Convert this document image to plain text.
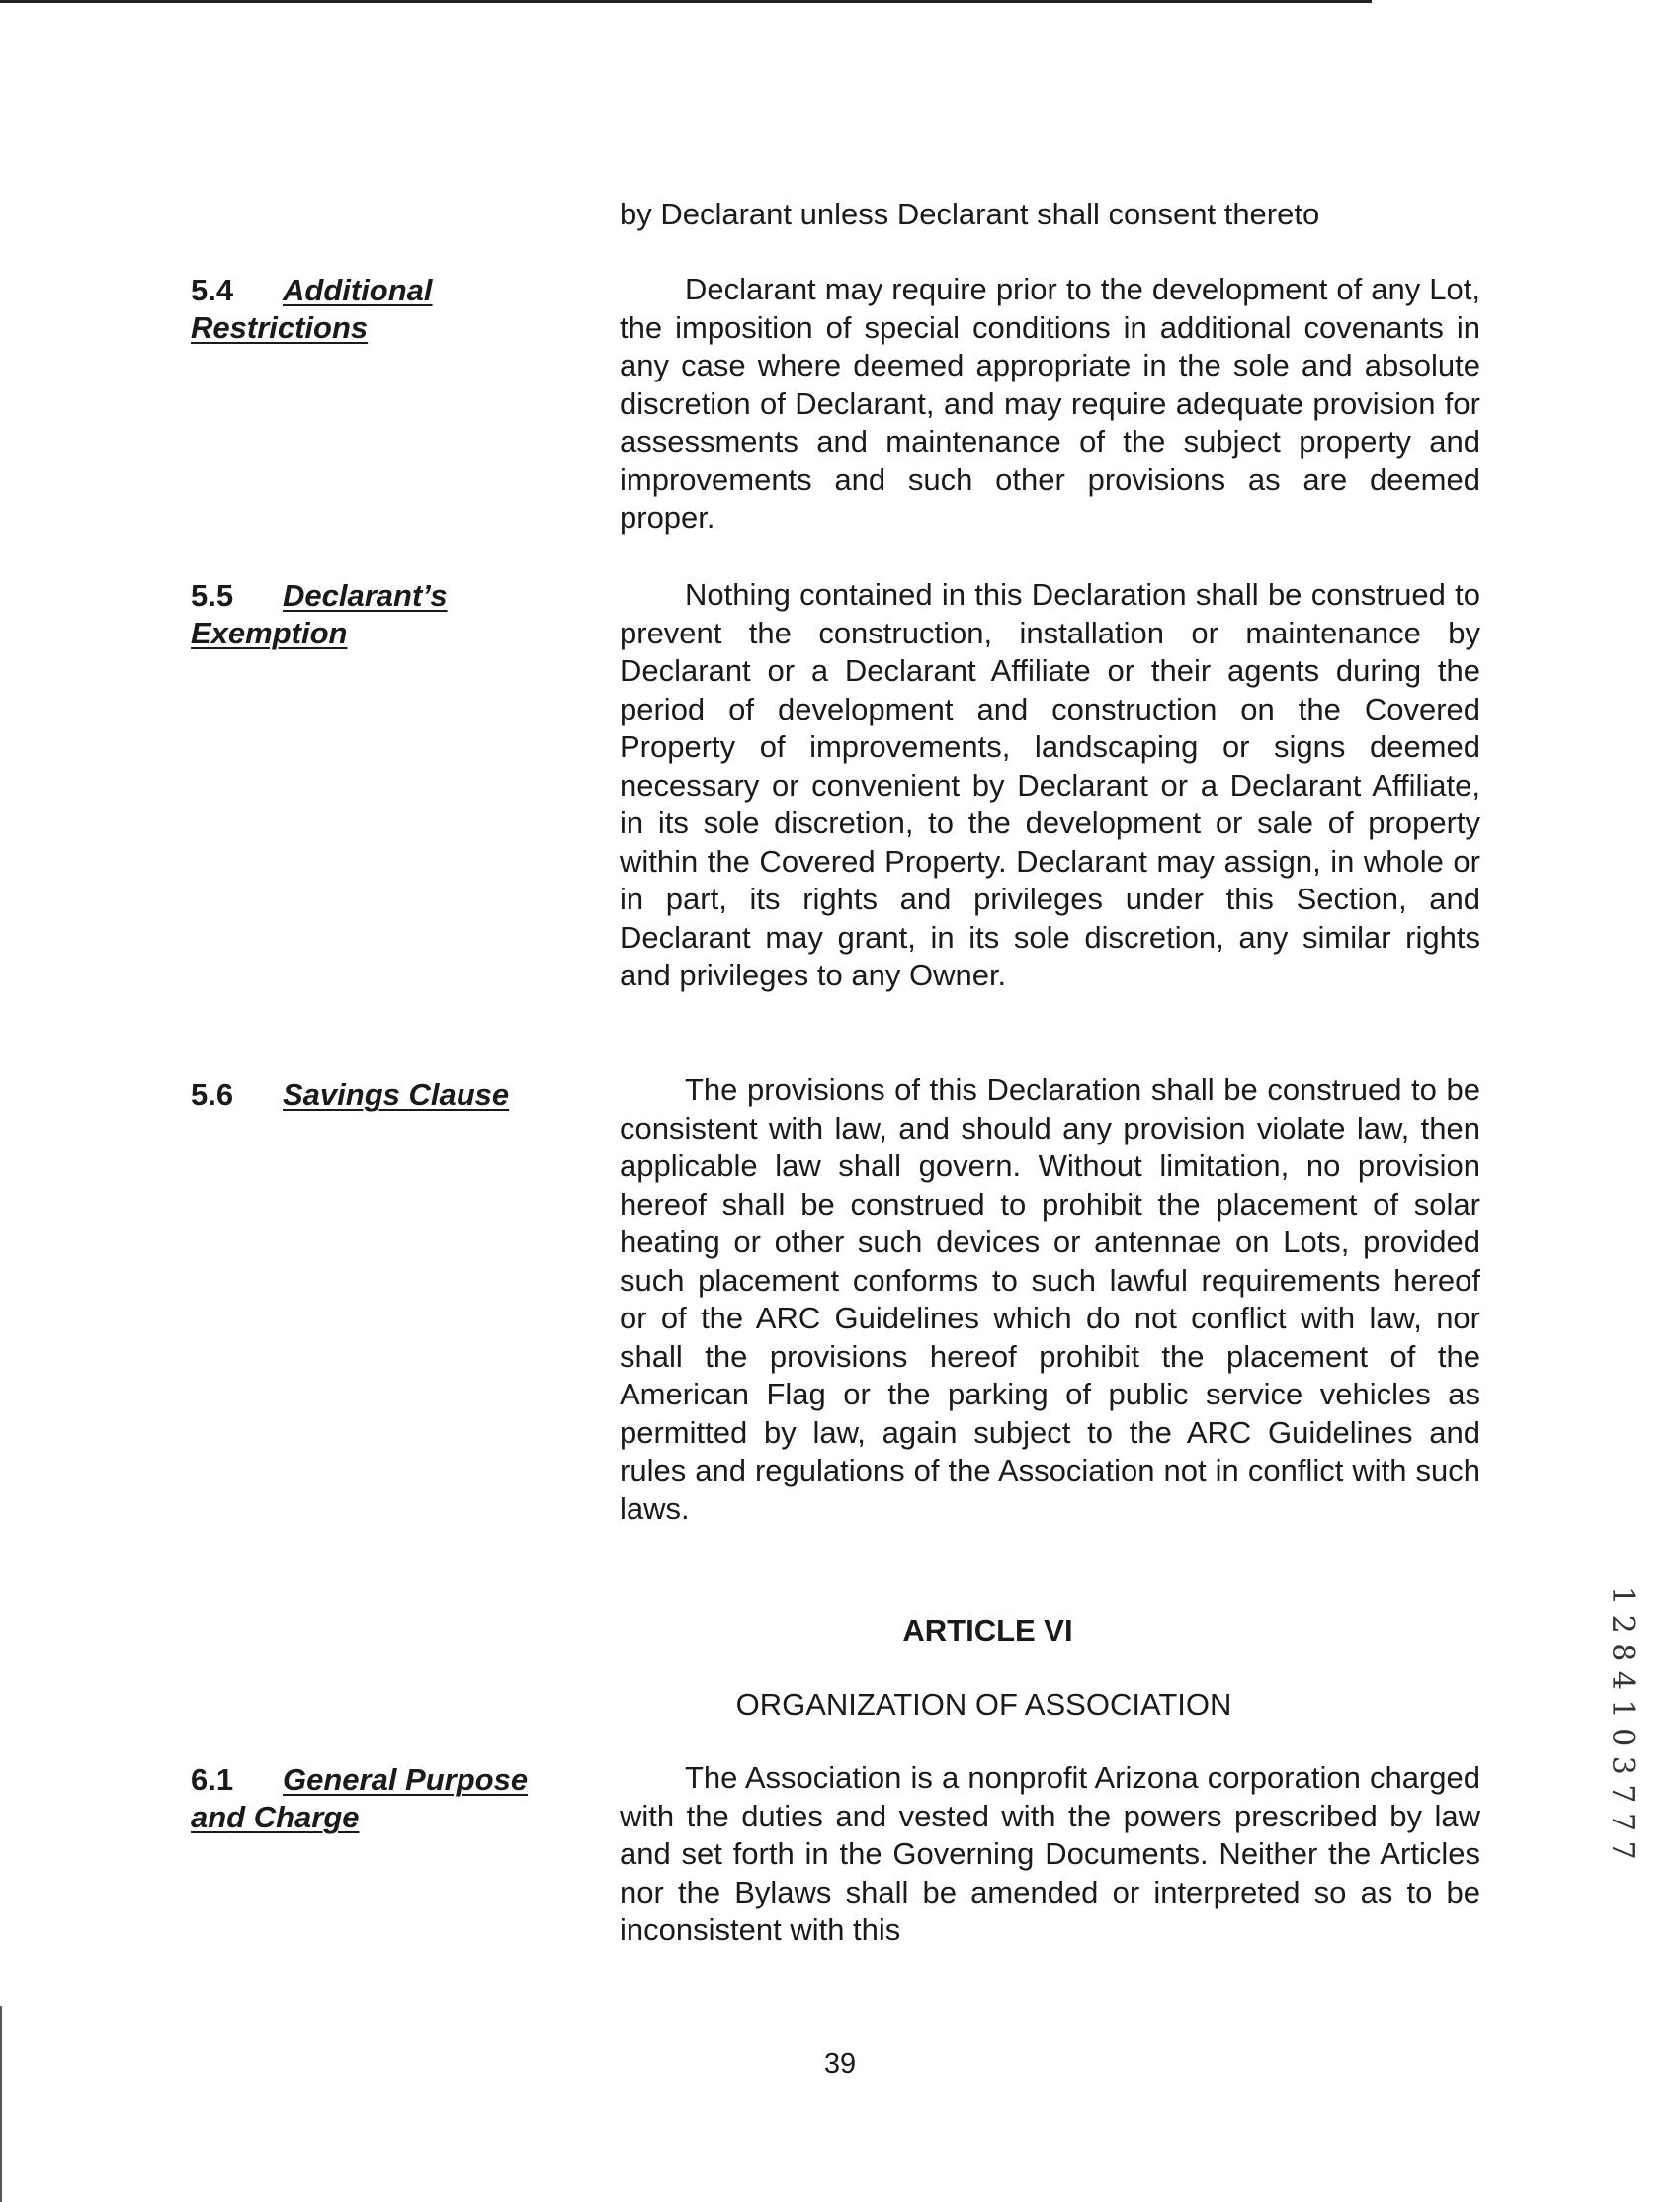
by Declarant unless Declarant shall consent thereto
5.4 Additional
Restrictions
Declarant may require prior to the development of any Lot, the imposition of special conditions in additional covenants in any case where deemed appropriate in the sole and absolute discretion of Declarant, and may require adequate provision for assessments and maintenance of the subject property and improvements and such other provisions as are deemed proper.
5.5 Declarant’s
Exemption
Nothing contained in this Declaration shall be construed to prevent the construction, installation or maintenance by Declarant or a Declarant Affiliate or their agents during the period of development and construction on the Covered Property of improvements, landscaping or signs deemed necessary or convenient by Declarant or a Declarant Affiliate, in its sole discretion, to the development or sale of property within the Covered Property. Declarant may assign, in whole or in part, its rights and privileges under this Section, and Declarant may grant, in its sole discretion, any similar rights and privileges to any Owner.
5.6 Savings Clause	The provisions of this Declaration shall be construed to be consistent with law, and should any provision violate law, then applicable law shall govern. Without limitation, no provision hereof shall be construed to prohibit the placement of solar heating or other such devices or antennae on Lots, provided such placement conforms to such lawful requirements hereof or of the ARC Guidelines which do not conflict with law, nor shall the provisions hereof prohibit the placement of the American Flag or the parking of public service vehicles as permitted by law, again subject to the ARC Guidelines and rules and regulations of the Association not in conflict with such laws.
ARTICLE VI
ORGANIZATION OF ASSOCIATION
6.1 General Purpose
and Charge
The Association is a nonprofit Arizona corporation charged with the duties and vested with the powers prescribed by law and set forth in the Governing Documents. Neither the Articles nor the Bylaws shall be amended or interpreted so as to be inconsistent with this
39
1 2 8 4 1 0 3 7 7 7
